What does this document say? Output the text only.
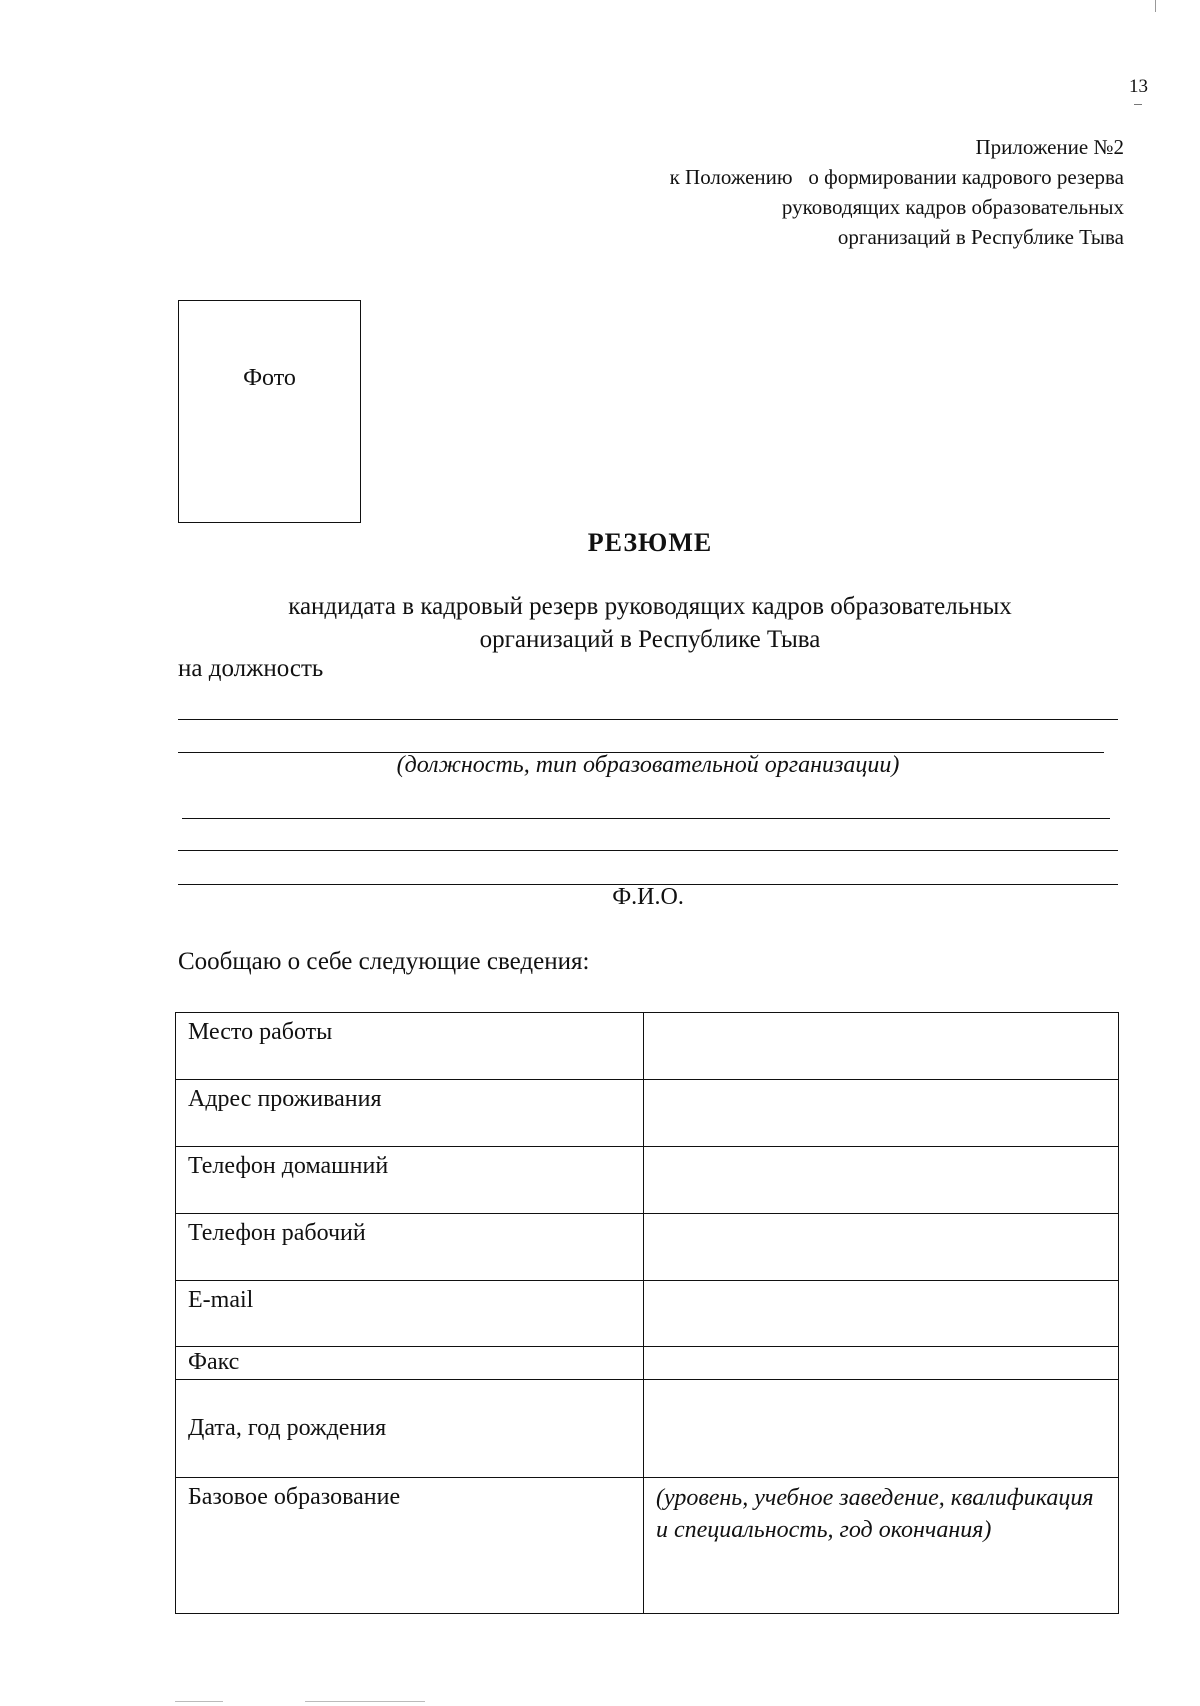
13
Приложение №2
к Положению   о формировании кадрового резерва
руководящих кадров образовательных
организаций в Республике Тыва
Фото
РЕЗЮМЕ
кандидата в кадровый резерв руководящих кадров образовательных
организаций в Республике Тыва
на должность
(должность, тип образовательной организации)
Ф.И.О.
Сообщаю о себе следующие сведения:
Место работы	
Адрес проживания	
Телефон домашний	
Телефон рабочий	
E-mail	
Факс	
Дата, год рождения	
Базовое образование	(уровень, учебное заведение, квалификация и специальность, год окончания)
